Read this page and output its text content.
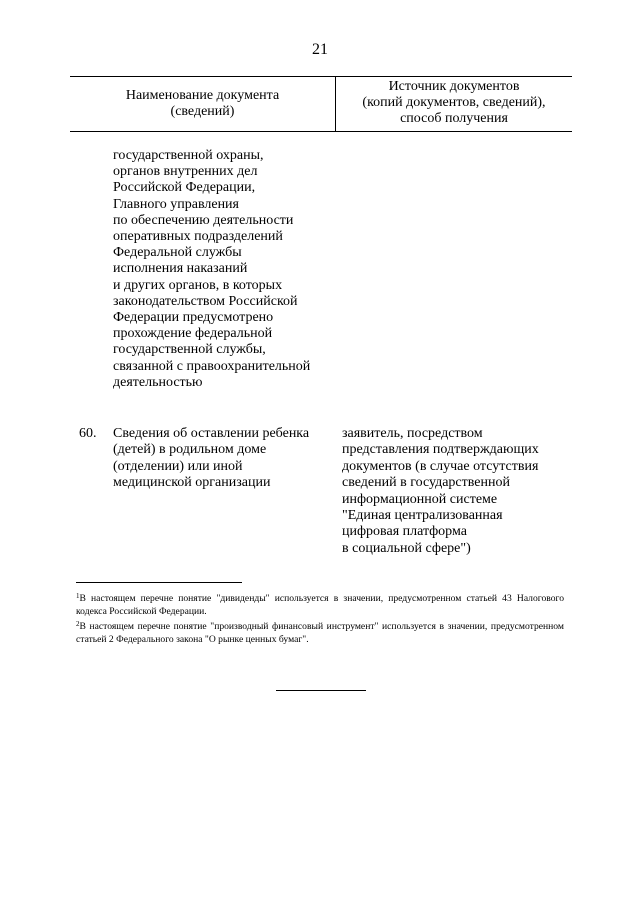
21
Наименование документа
(сведений)
Источник документов
(копий документов, сведений),
способ получения
государственной охраны,
органов внутренних дел
Российской Федерации,
Главного управления
по обеспечению деятельности
оперативных подразделений
Федеральной службы
исполнения наказаний
и других органов, в которых
законодательством Российской
Федерации предусмотрено
прохождение федеральной
государственной службы,
связанной с правоохранительной
деятельностью
60. Сведения об оставлении ребенка
(детей) в родильном доме
(отделении) или иной
медицинской организации
заявитель, посредством
представления подтверждающих
документов (в случае отсутствия
сведений в государственной
информационной системе
"Единая централизованная
цифровая платформа
в социальной сфере")

$^1$В настоящем перечне понятие "дивиденды" используется в значении, предусмотренном статьей 43 Налогового кодекса Российской Федерации.

$^2$В настоящем перечне понятие "производный финансовый инструмент" используется в значении, предусмотренном статьей 2 Федерального закона "О рынке ценных бумаг".
